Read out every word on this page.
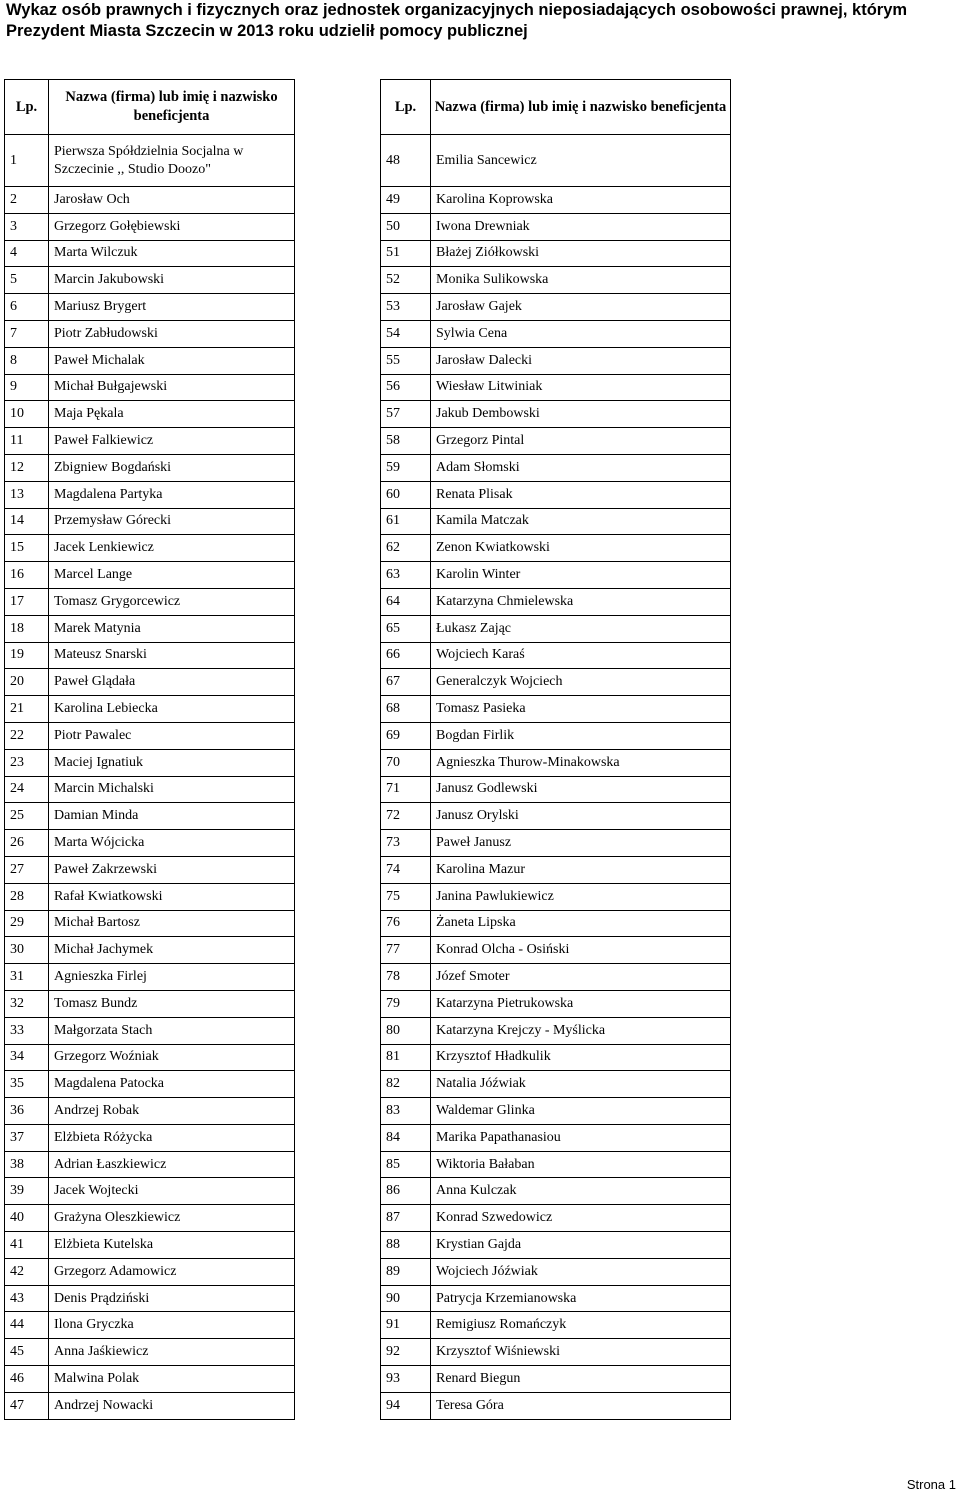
Wykaz osób prawnych i fizycznych oraz jednostek organizacyjnych nieposiadających osobowości prawnej, którym Prezydent Miasta Szczecin w 2013 roku udzielił pomocy publicznej
Lp.	Nazwa (firma) lub imię i nazwisko beneficjenta
1	Pierwsza Spółdzielnia Socjalna w Szczecinie ,, Studio Doozo"
2	Jarosław Och
3	Grzegorz Gołębiewski
4	Marta Wilczuk
5	Marcin Jakubowski
6	Mariusz Brygert
7	Piotr Zabłudowski
8	Paweł Michalak
9	Michał Bułgajewski
10	Maja Pękala
11	Paweł Falkiewicz
12	Zbigniew Bogdański
13	Magdalena Partyka
14	Przemysław Górecki
15	Jacek Lenkiewicz
16	Marcel Lange
17	Tomasz Grygorcewicz
18	Marek Matynia
19	Mateusz Snarski
20	Paweł Glądała
21	Karolina Lebiecka
22	Piotr Pawalec
23	Maciej Ignatiuk
24	Marcin Michalski
25	Damian Minda
26	Marta Wójcicka
27	Paweł Zakrzewski
28	Rafał Kwiatkowski
29	Michał Bartosz
30	Michał Jachymek
31	Agnieszka Firlej
32	Tomasz Bundz
33	Małgorzata Stach
34	Grzegorz Woźniak
35	Magdalena Patocka
36	Andrzej Robak
37	Elżbieta Różycka
38	Adrian Łaszkiewicz
39	Jacek Wojtecki
40	Grażyna Oleszkiewicz
41	Elżbieta Kutelska
42	Grzegorz Adamowicz
43	Denis Prądziński
44	Ilona Gryczka
45	Anna Jaśkiewicz
46	Malwina Polak
47	Andrzej Nowacki
Lp.	Nazwa (firma) lub imię i nazwisko beneficjenta
48	Emilia Sancewicz
49	Karolina Koprowska
50	Iwona Drewniak
51	Błażej Ziółkowski
52	Monika Sulikowska
53	Jarosław Gajek
54	Sylwia Cena
55	Jarosław Dalecki
56	Wiesław Litwiniak
57	Jakub Dembowski
58	Grzegorz Pintal
59	Adam Słomski
60	Renata Plisak
61	Kamila Matczak
62	Zenon Kwiatkowski
63	Karolin Winter
64	Katarzyna Chmielewska
65	Łukasz Zając
66	Wojciech Karaś
67	Generalczyk Wojciech
68	Tomasz Pasieka
69	Bogdan Firlik
70	Agnieszka Thurow-Minakowska
71	Janusz Godlewski
72	Janusz Orylski
73	Paweł Janusz
74	Karolina Mazur
75	Janina Pawlukiewicz
76	Żaneta Lipska
77	Konrad Olcha - Osiński
78	Józef Smoter
79	Katarzyna Pietrukowska
80	Katarzyna Krejczy - Myślicka
81	Krzysztof Hładkulik
82	Natalia Jóźwiak
83	Waldemar Glinka
84	Marika Papathanasiou
85	Wiktoria Bałaban
86	Anna Kulczak
87	Konrad Szwedowicz
88	Krystian Gajda
89	Wojciech Jóźwiak
90	Patrycja Krzemianowska
91	Remigiusz Romańczyk
92	Krzysztof Wiśniewski
93	Renard Biegun
94	Teresa Góra
Strona 1
